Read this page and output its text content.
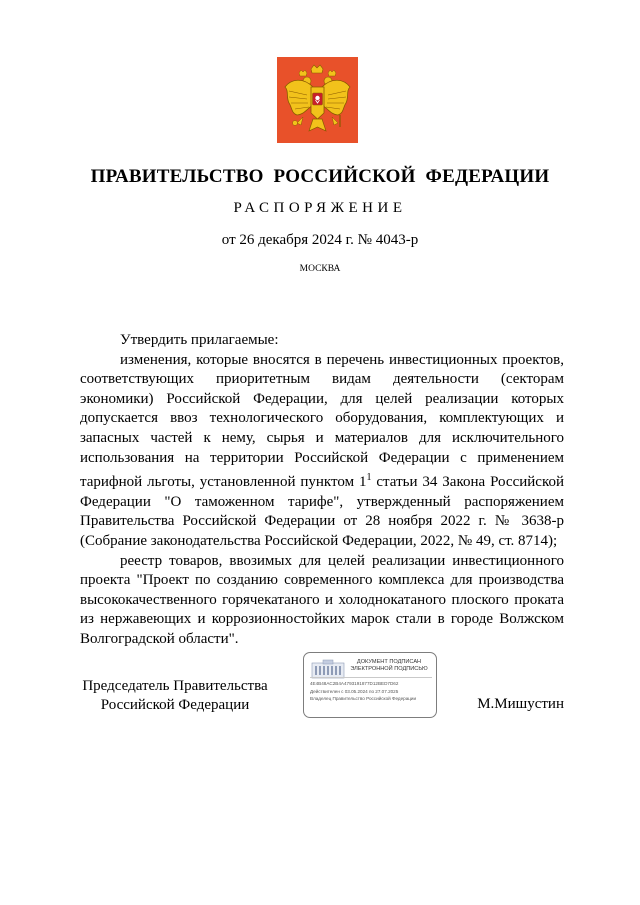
ПРАВИТЕЛЬСТВО РОССИЙСКОЙ ФЕДЕРАЦИИ
РАСПОРЯЖЕНИЕ
от 26 декабря 2024 г. № 4043-р
МОСКВА

Утвердить прилагаемые:

изменения, которые вносятся в перечень инвестиционных проектов, соответствующих приоритетным видам деятельности (секторам экономики) Российской Федерации, для целей реализации которых допускается ввоз технологического оборудования, комплектующих и запасных частей к нему, сырья и материалов для исключительного использования на территории Российской Федерации с применением тарифной льготы, установленной пунктом $1^1$ статьи 34 Закона Российской Федерации "О таможенном тарифе", утвержденный распоряжением Правительства Российской Федерации от 28 ноября 2022 г. № 3638-р (Собрание законодательства Российской Федерации, 2022, № 49, ст. 8714);

реестр товаров, ввозимых для целей реализации инвестиционного проекта "Проект по созданию современного комплекса для производства высококачественного горячекатаного и холоднокатаного плоского проката из нержавеющих и коррозионностойких марок стали в городе Волжском Волгоградской области".

Председатель Правительства
Российской Федерации
ДОКУМЕНТ ПОДПИСАН
ЭЛЕКТРОННОЙ ПОДПИСЬЮ
4E4B48AC2B4A4793191877D12BED7D62
Действителен с 03.05.2024 по 27.07.2025
Владелец Правительство Российской Федерации	М.Мишустин
